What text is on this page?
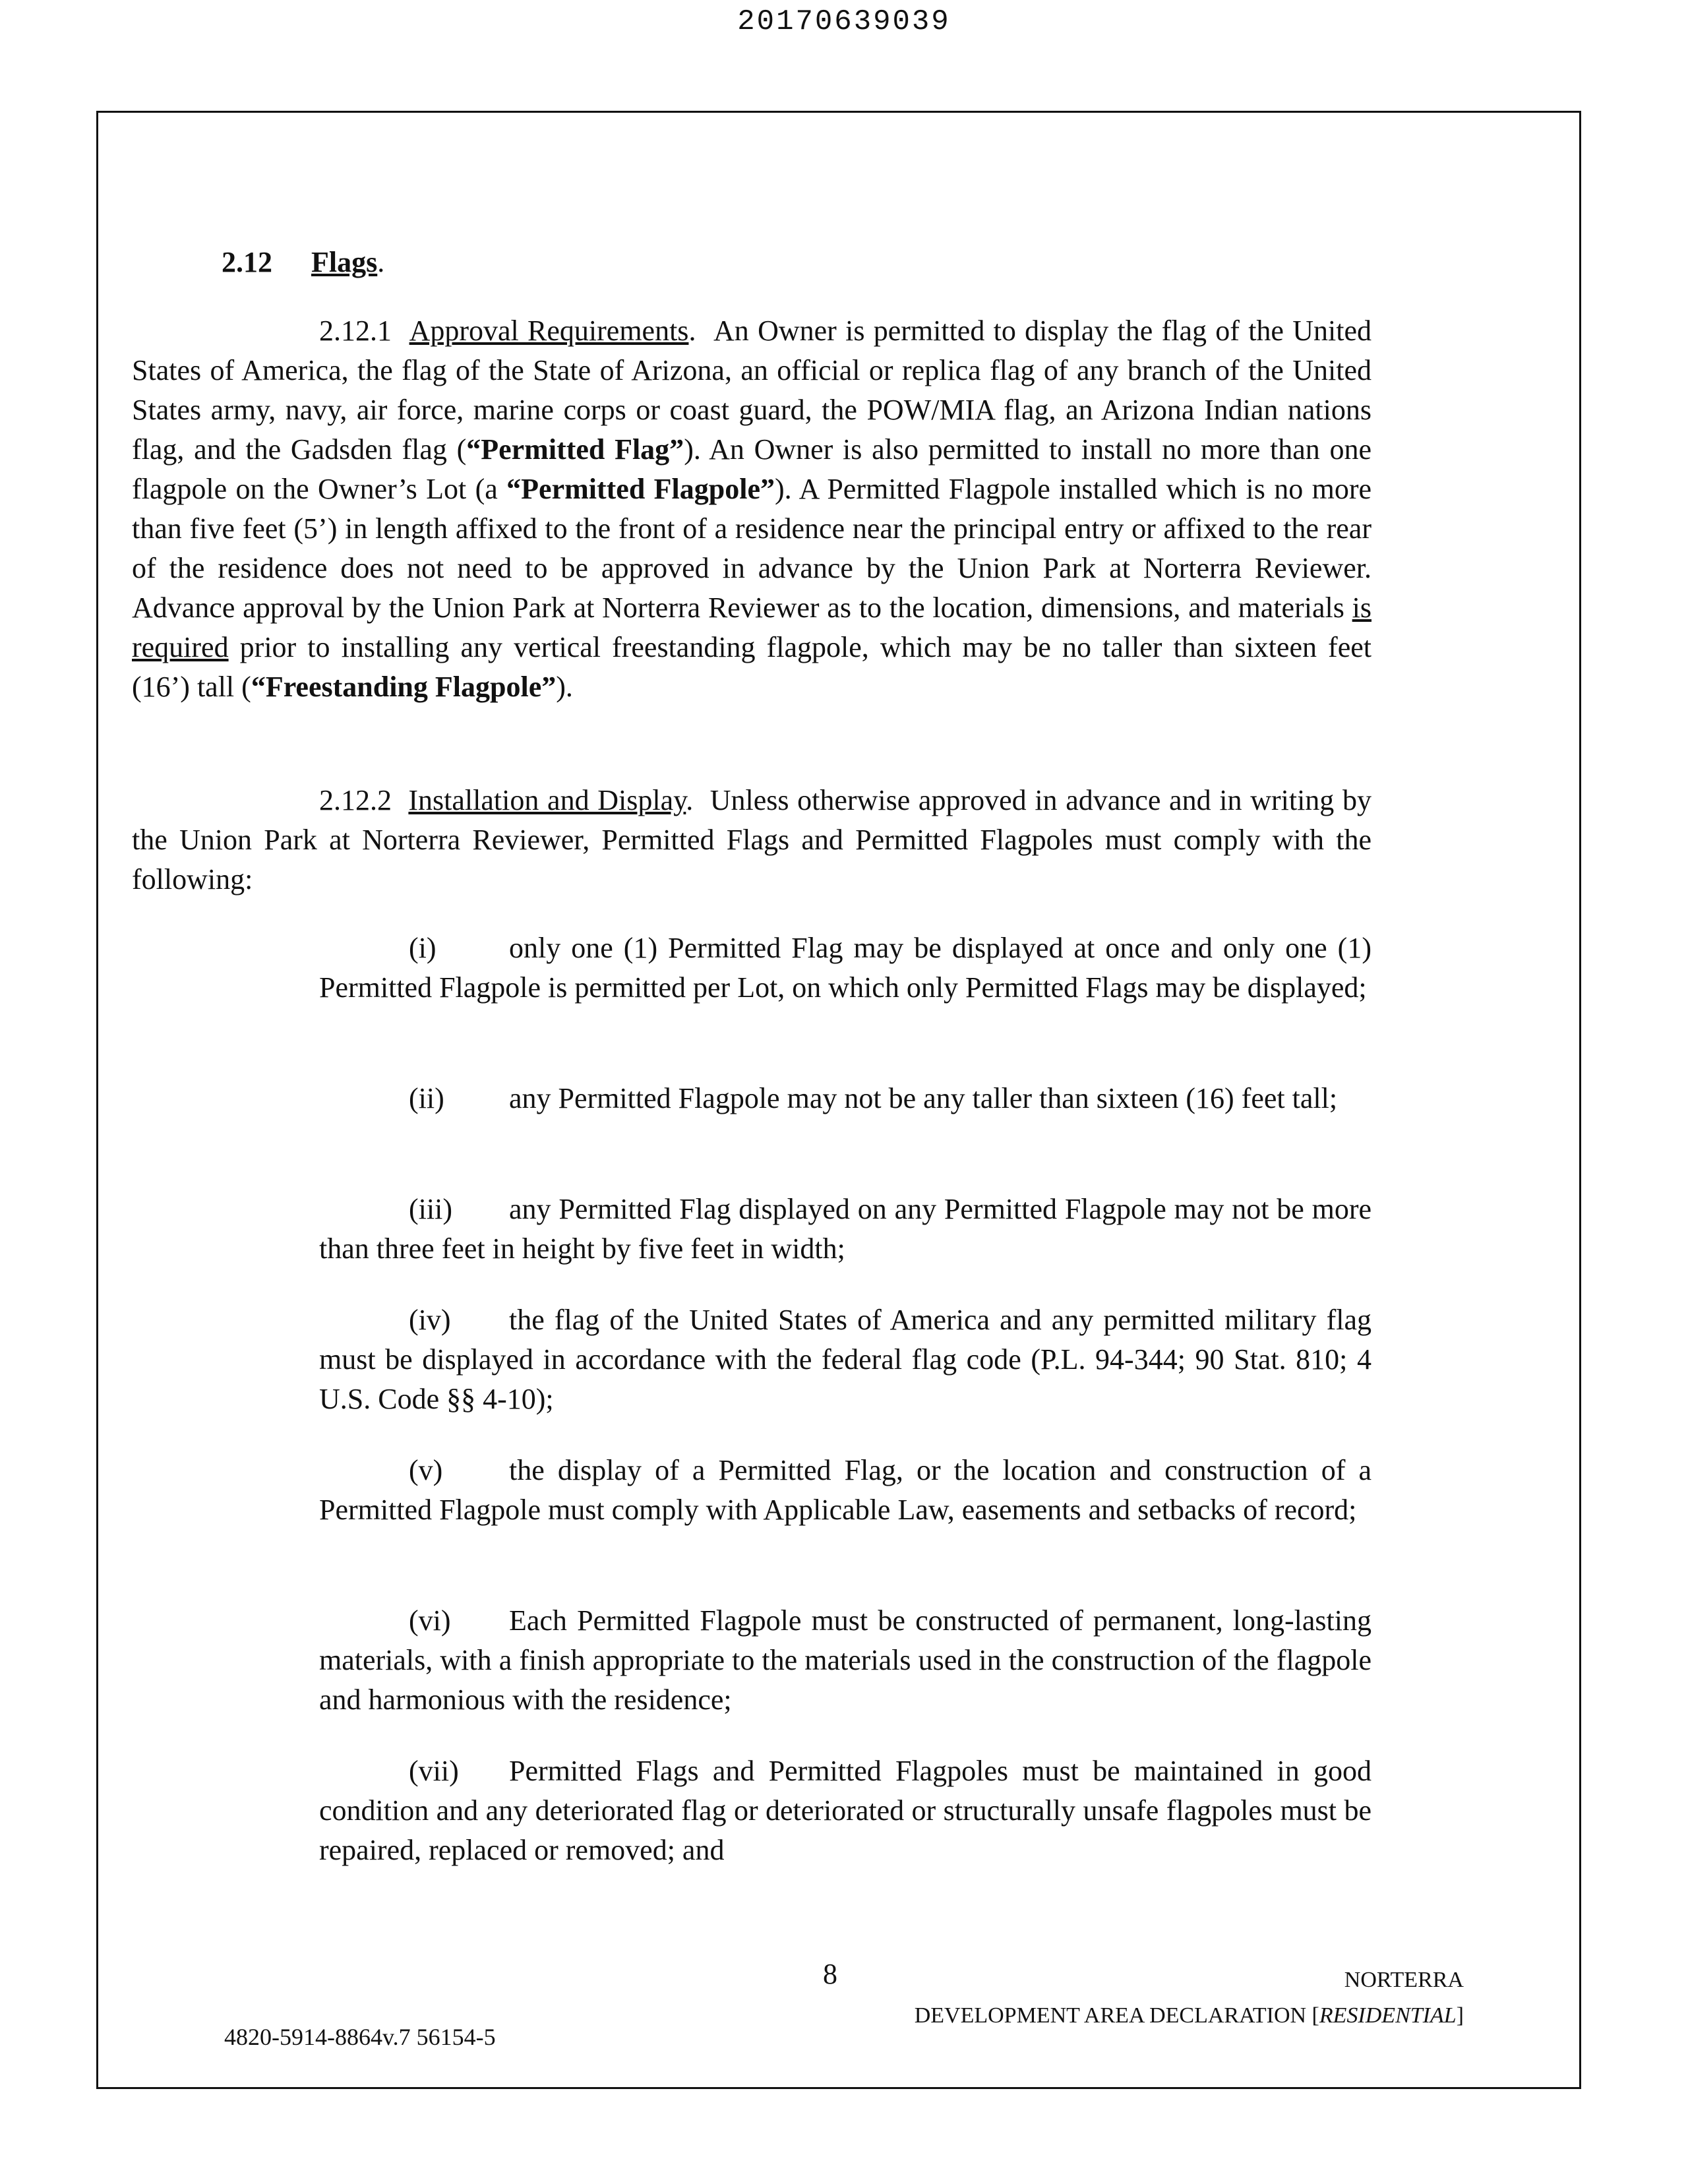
20170639039
2.12 Flags.
2.12.1 Approval Requirements. An Owner is permitted to display the flag of the United States of America, the flag of the State of Arizona, an official or replica flag of any branch of the United States army, navy, air force, marine corps or coast guard, the POW/MIA flag, an Arizona Indian nations flag, and the Gadsden flag (“Permitted Flag”). An Owner is also permitted to install no more than one flagpole on the Owner’s Lot (a “Permitted Flagpole”). A Permitted Flagpole installed which is no more than five feet (5’) in length affixed to the front of a residence near the principal entry or affixed to the rear of the residence does not need to be approved in advance by the Union Park at Norterra Reviewer. Advance approval by the Union Park at Norterra Reviewer as to the location, dimensions, and materials is required prior to installing any vertical freestanding flagpole, which may be no taller than sixteen feet (16’) tall (“Freestanding Flagpole”).
2.12.2 Installation and Display. Unless otherwise approved in advance and in writing by the Union Park at Norterra Reviewer, Permitted Flags and Permitted Flagpoles must comply with the following:
(i)	only one (1) Permitted Flag may be displayed at once and only one (1) Permitted Flagpole is permitted per Lot, on which only Permitted Flags may be displayed;
(ii) any Permitted Flagpole may not be any taller than sixteen (16) feet tall;
(iii) any Permitted Flag displayed on any Permitted Flagpole may not be more than three feet in height by five feet in width;
(iv) the flag of the United States of America and any permitted military flag must be displayed in accordance with the federal flag code (P.L. 94-344; 90 Stat. 810; 4 U.S. Code §§ 4-10);
(v) the display of a Permitted Flag, or the location and construction of a Permitted Flagpole must comply with Applicable Law, easements and setbacks of record;
(vi) Each Permitted Flagpole must be constructed of permanent, long-lasting materials, with a finish appropriate to the materials used in the construction of the flagpole and harmonious with the residence;
(vii) Permitted Flags and Permitted Flagpoles must be maintained in good condition and any deteriorated flag or deteriorated or structurally unsafe flagpoles must be repaired, replaced or removed; and
8	NORTERRA
DEVELOPMENT AREA DECLARATION [RESIDENTIAL]
4820-5914-8864v.7 56154-5
